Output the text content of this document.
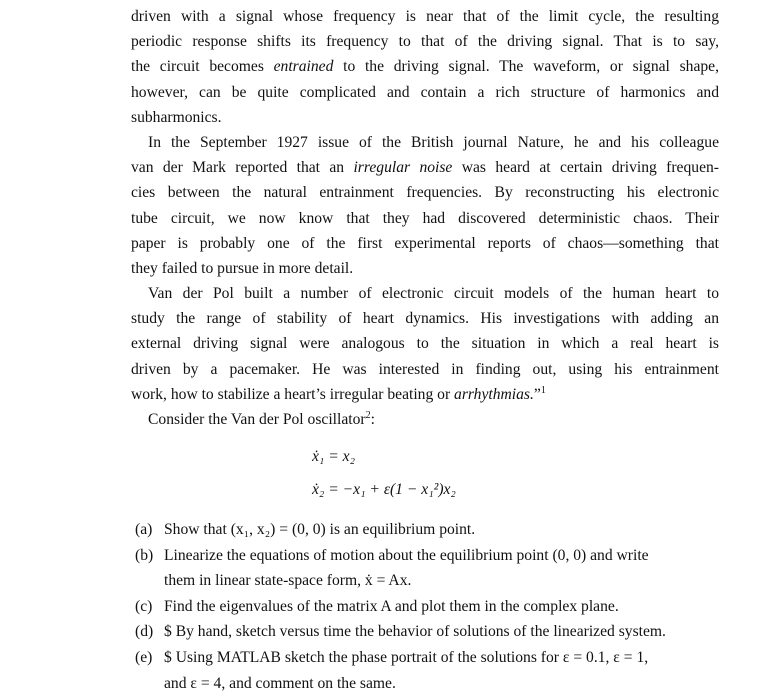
driven with a signal whose frequency is near that of the limit cycle, the resulting
periodic response shifts its frequency to that of the driving signal. That is to say,
the circuit becomes entrained to the driving signal. The waveform, or signal shape,
however, can be quite complicated and contain a rich structure of harmonics and
subharmonics.

In the September 1927 issue of the British journal Nature, he and his colleague
van der Mark reported that an irregular noise was heard at certain driving frequen-
cies between the natural entrainment frequencies. By reconstructing his electronic
tube circuit, we now know that they had discovered deterministic chaos. Their
paper is probably one of the first experimental reports of chaos—something that
they failed to pursue in more detail.

Van der Pol built a number of electronic circuit models of the human heart to
study the range of stability of heart dynamics. His investigations with adding an
external driving signal were analogous to the situation in which a real heart is
driven by a pacemaker. He was interested in finding out, using his entrainment
work, how to stabilize a heart’s irregular beating or arrhythmias.”$^1$

Consider the Van der Pol oscillator$^2$:

ẋ₁ = x₂
ẋ₂ = −x₁ + ε(1 − x₁²)x₂
(a) Show that (x₁, x₂) = (0, 0) is an equilibrium point.
(b) Linearize the equations of motion about the equilibrium point (0, 0) and write
them in linear state-space form, ẋ = Ax.
(c) Find the eigenvalues of the matrix A and plot them in the complex plane.
(d) $ By hand, sketch versus time the behavior of solutions of the linearized system.
(e) $ Using MATLAB sketch the phase portrait of the solutions for ε = 0.1, ε = 1,
and ε = 4, and comment on the same.
